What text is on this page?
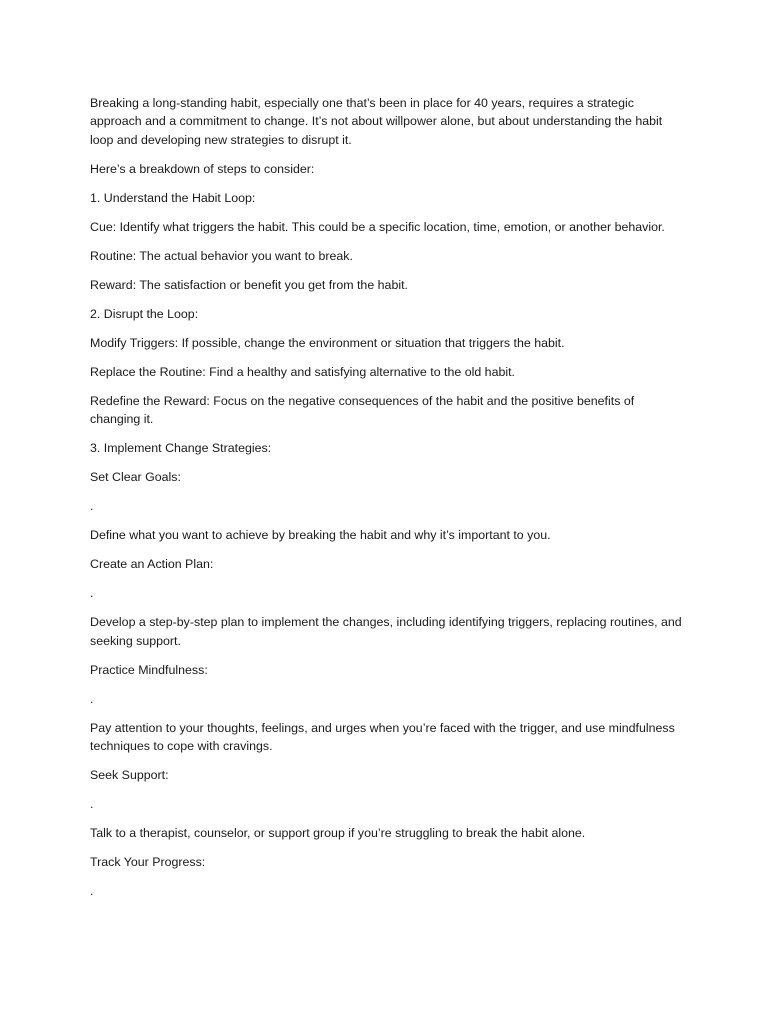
Breaking a long-standing habit, especially one that’s been in place for 40 years, requires a strategic approach and a commitment to change. It’s not about willpower alone, but about understanding the habit loop and developing new strategies to disrupt it.

Here’s a breakdown of steps to consider:

1. Understand the Habit Loop:

Cue: Identify what triggers the habit. This could be a specific location, time, emotion, or another behavior.

Routine: The actual behavior you want to break.

Reward: The satisfaction or benefit you get from the habit.

2. Disrupt the Loop:

Modify Triggers: If possible, change the environment or situation that triggers the habit.

Replace the Routine: Find a healthy and satisfying alternative to the old habit.

Redefine the Reward: Focus on the negative consequences of the habit and the positive benefits of changing it.

3. Implement Change Strategies:

Set Clear Goals:

.

Define what you want to achieve by breaking the habit and why it’s important to you.

Create an Action Plan:

.

Develop a step-by-step plan to implement the changes, including identifying triggers, replacing routines, and seeking support.

Practice Mindfulness:

.

Pay attention to your thoughts, feelings, and urges when you’re faced with the trigger, and use mindfulness techniques to cope with cravings.

Seek Support:

.

Talk to a therapist, counselor, or support group if you’re struggling to break the habit alone.

Track Your Progress:

.
